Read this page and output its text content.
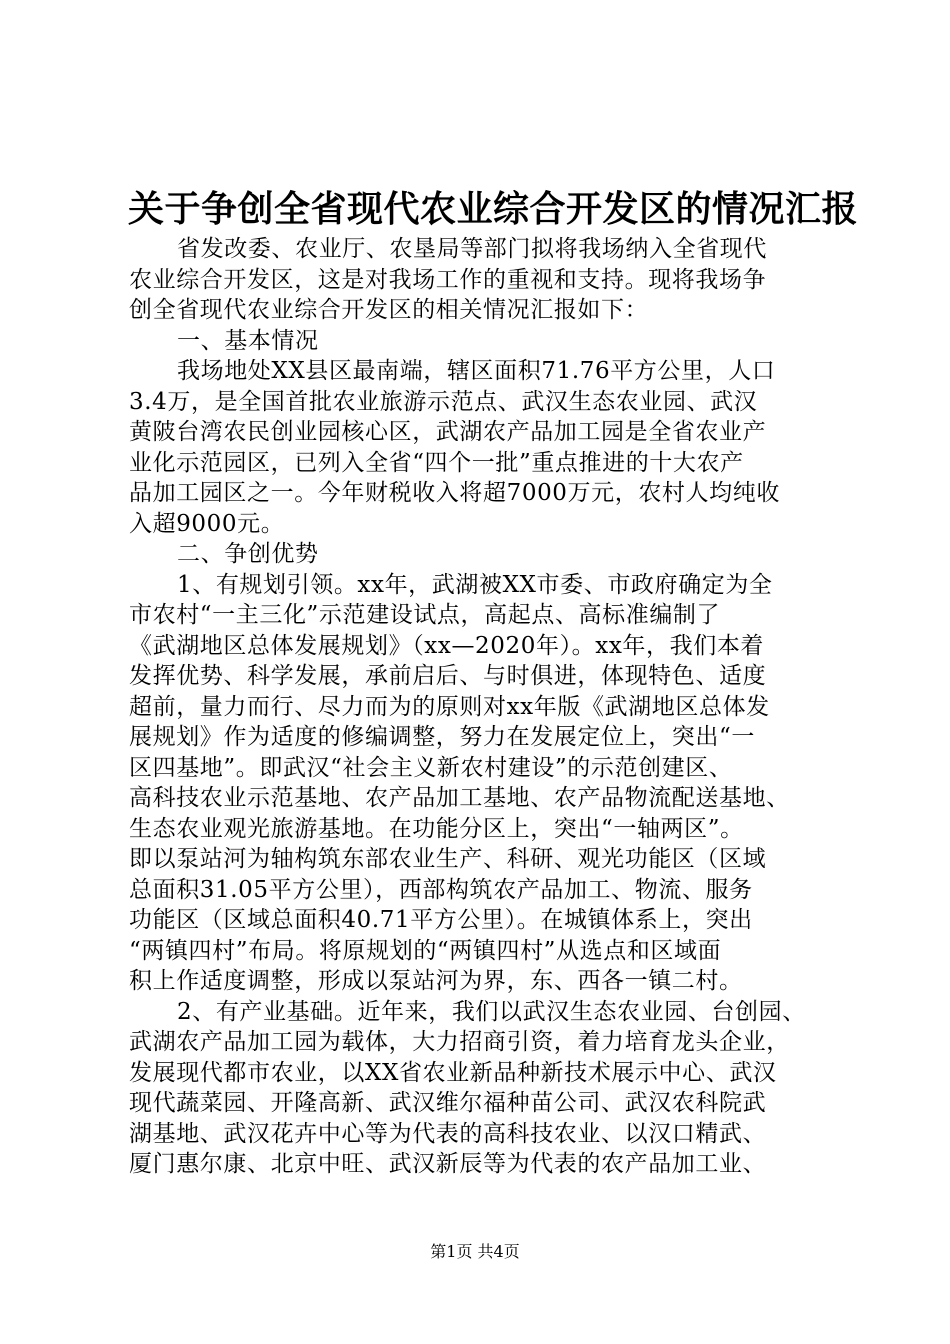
关于争创全省现代农业综合开发区的情况汇报
省发改委、农业厅、农垦局等部门拟将我场纳入全省现代
农业综合开发区，这是对我场工作的重视和支持。现将我场争
创全省现代农业综合开发区的相关情况汇报如下：
一、基本情况
我场地处XX县区最南端，辖区面积71.76平方公里，人口
3.4万，是全国首批农业旅游示范点、武汉生态农业园、武汉
黄陂台湾农民创业园核心区，武湖农产品加工园是全省农业产
业化示范园区，已列入全省“四个一批”重点推进的十大农产
品加工园区之一。今年财税收入将超7000万元，农村人均纯收
入超9000元。
二、争创优势
1、有规划引领。xx年，武湖被XX市委、市政府确定为全
市农村“一主三化”示范建设试点，高起点、高标准编制了
《武湖地区总体发展规划》（xx—2020年）。xx年，我们本着
发挥优势、科学发展，承前启后、与时俱进，体现特色、适度
超前，量力而行、尽力而为的原则对xx年版《武湖地区总体发
展规划》作为适度的修编调整，努力在发展定位上，突出“一
区四基地”。即武汉“社会主义新农村建设”的示范创建区、
高科技农业示范基地、农产品加工基地、农产品物流配送基地、
生态农业观光旅游基地。在功能分区上，突出“一轴两区”。
即以泵站河为轴构筑东部农业生产、科研、观光功能区（区域
总面积31.05平方公里），西部构筑农产品加工、物流、服务
功能区（区域总面积40.71平方公里）。在城镇体系上，突出
“两镇四村”布局。将原规划的“两镇四村”从选点和区域面
积上作适度调整，形成以泵站河为界，东、西各一镇二村。
2、有产业基础。近年来，我们以武汉生态农业园、台创园、
武湖农产品加工园为载体，大力招商引资，着力培育龙头企业，
发展现代都市农业，以XX省农业新品种新技术展示中心、武汉
现代蔬菜园、开隆高新、武汉维尔福种苗公司、武汉农科院武
湖基地、武汉花卉中心等为代表的高科技农业、以汉口精武、
厦门惠尔康、北京中旺、武汉新辰等为代表的农产品加工业、
第1页 共4页
